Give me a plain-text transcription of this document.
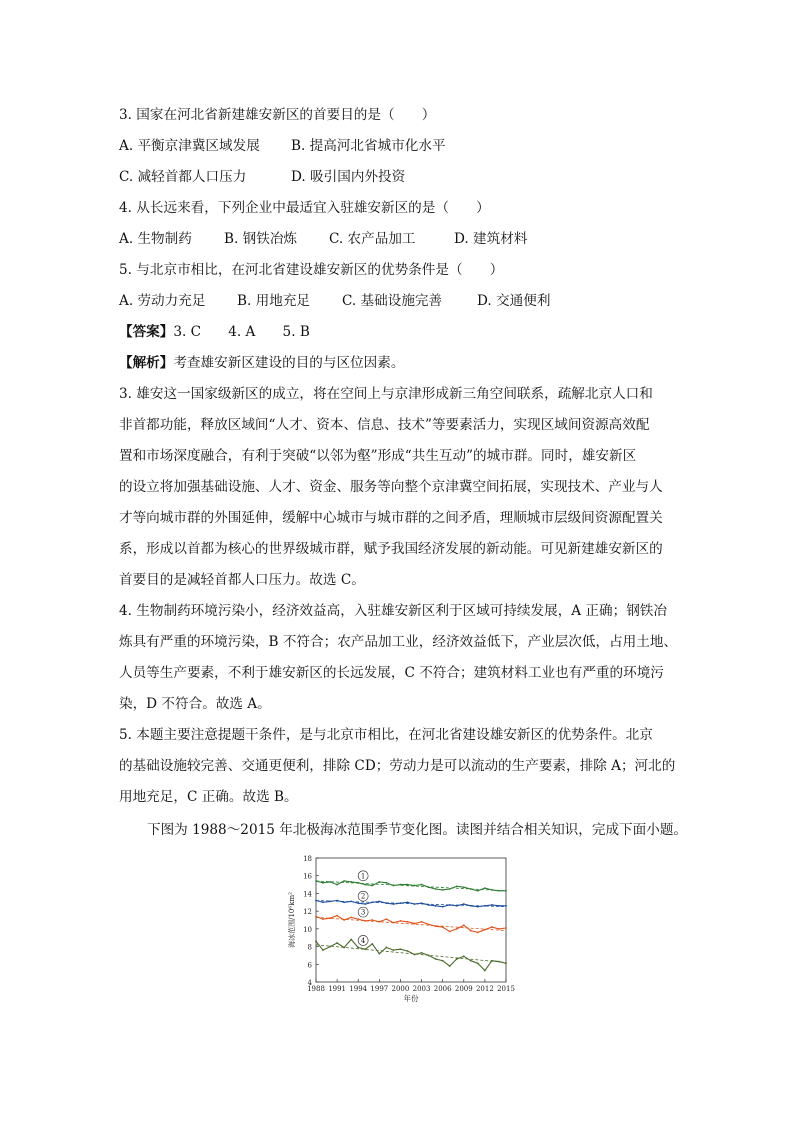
3. 国家在河北省新建雄安新区的首要目的是（　　）
A. 平衡京津冀区域发展	B. 提高河北省城市化水平
C. 减轻首都人口压力	D. 吸引国内外投资
4. 从长远来看，下列企业中最适宜入驻雄安新区的是（　　）
A. 生物制药	B. 钢铁冶炼	C. 农产品加工	D. 建筑材料
5. 与北京市相比，在河北省建设雄安新区的优势条件是（　　）
A. 劳动力充足	B. 用地充足	C. 基础设施完善	D. 交通便利
【答案】3. C　　4. A　　5. B
【解析】考查雄安新区建设的目的与区位因素。
3. 雄安这一国家级新区的成立，将在空间上与京津形成新三角空间联系，疏解北京人口和
非首都功能，释放区域间“人才、资本、信息、技术”等要素活力，实现区域间资源高效配
置和市场深度融合，有利于突破“以邻为壑”形成“共生互动”的城市群。同时，雄安新区
的设立将加强基础设施、人才、资金、服务等向整个京津冀空间拓展，实现技术、产业与人
才等向城市群的外围延伸，缓解中心城市与城市群的之间矛盾，理顺城市层级间资源配置关
系，形成以首都为核心的世界级城市群，赋予我国经济发展的新动能。可见新建雄安新区的
首要目的是减轻首都人口压力。故选 C。
4. 生物制药环境污染小，经济效益高，入驻雄安新区利于区域可持续发展，A 正确；钢铁冶
炼具有严重的环境污染，B 不符合；农产品加工业，经济效益低下，产业层次低，占用土地、
人员等生产要素，不利于雄安新区的长远发展，C 不符合；建筑材料工业也有严重的环境污
染，D 不符合。故选 A。
5. 本题主要注意提题干条件，是与北京市相比，在河北省建设雄安新区的优势条件。北京
的基础设施较完善、交通更便利，排除 CD；劳动力是可以流动的生产要素，排除 A；河北的
用地充足，C 正确。故选 B。
下图为 1988～2015 年北极海冰范围季节变化图。读图并结合相关知识，完成下面小题。
4
6
8
10
12
14
16
18
1988 1991 1994 1997 2000 2003 2006 2009 2012 2015
年份
海冰范围/10⁶km²
1
2
3
4
